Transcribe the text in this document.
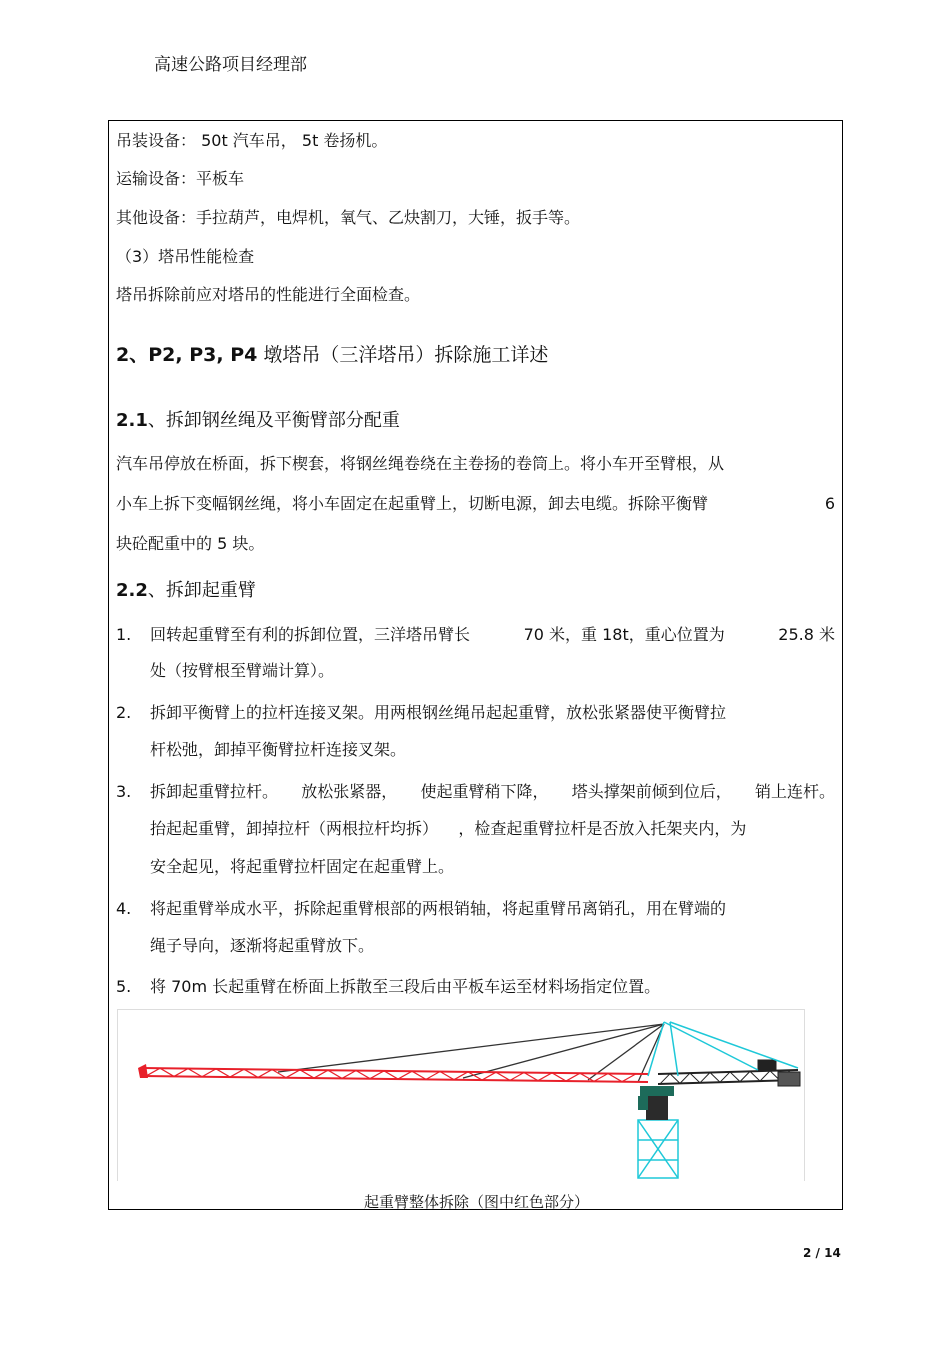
高速公路项目经理部
吊装设备： 50t 汽车吊， 5t 卷扬机。
运输设备：平板车
其他设备：手拉葫芦，电焊机，氧气、乙炔割刀，大锤，扳手等。
（3）塔吊性能检查
塔吊拆除前应对塔吊的性能进行全面检查。
2、P2, P3, P4 墩塔吊（三洋塔吊）拆除施工详述
2.1、拆卸钢丝绳及平衡臂部分配重
汽车吊停放在桥面，拆下楔套，将钢丝绳卷绕在主卷扬的卷筒上。将小车开至臂根，从
小车上拆下变幅钢丝绳，将小车固定在起重臂上，切断电源，卸去电缆。拆除平衡臂	6
块砼配重中的 5 块。
2.2、拆卸起重臂
1. 回转起重臂至有利的拆卸位置，三洋塔吊臂长	70 米，重 18t，重心位置为	25.8 米
处（按臂根至臂端计算）。
2. 拆卸平衡臂上的拉杆连接叉架。用两根钢丝绳吊起起重臂，放松张紧器使平衡臂拉
杆松弛，卸掉平衡臂拉杆连接叉架。
3. 拆卸起重臂拉杆。 放松张紧器， 使起重臂稍下降， 塔头撑架前倾到位后， 销上连杆。
抬起起重臂，卸掉拉杆（两根拉杆均拆） ，检查起重臂拉杆是否放入托架夹内，为
安全起见，将起重臂拉杆固定在起重臂上。
4. 将起重臂举成水平，拆除起重臂根部的两根销轴，将起重臂吊离销孔，用在臂端的
绳子导向，逐渐将起重臂放下。
5. 将 70m 长起重臂在桥面上拆散至三段后由平板车运至材料场指定位置。
起重臂整体拆除（图中红色部分）
2 / 14
